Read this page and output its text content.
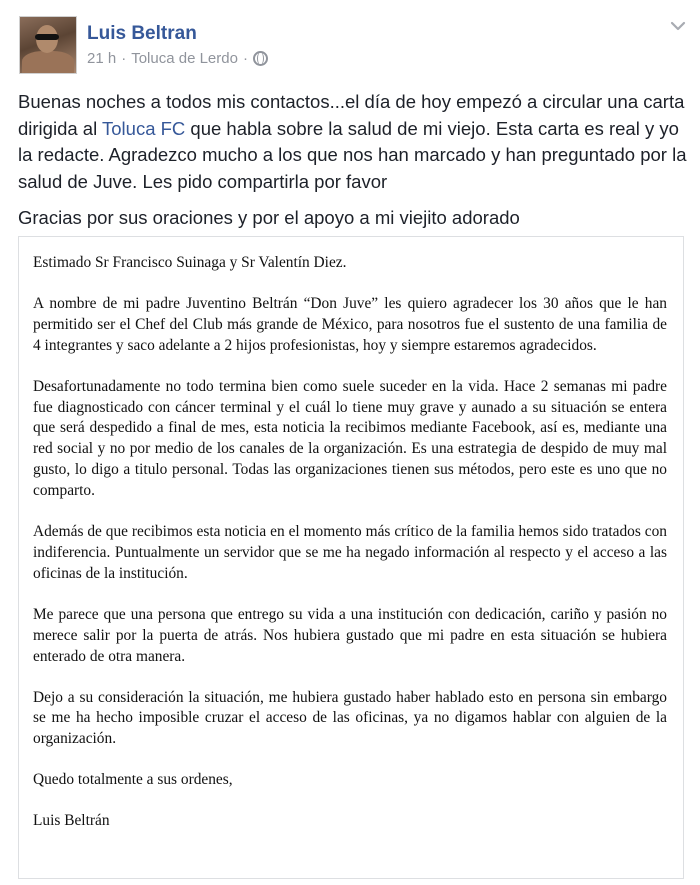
Luis Beltran
21 h · Toluca de Lerdo ·

Buenas noches a todos mis contactos...el día de hoy empezó a circular una carta dirigida al Toluca FC que habla sobre la salud de mi viejo. Esta carta es real y yo la redacte. Agradezco mucho a los que nos han marcado y han preguntado por la salud de Juve. Les pido compartirla por favor

Gracias por sus oraciones y por el apoyo a mi viejito adorado

Estimado Sr Francisco Suinaga y Sr Valentín Diez.

A nombre de mi padre Juventino Beltrán “Don Juve” les quiero agradecer los 30 años que le han permitido ser el Chef del Club más grande de México, para nosotros fue el sustento de una familia de 4 integrantes y saco adelante a 2 hijos profesionistas, hoy y siempre estaremos agradecidos.

Desafortunadamente no todo termina bien como suele suceder en la vida. Hace 2 semanas mi padre fue diagnosticado con cáncer terminal y el cuál lo tiene muy grave y aunado a su situación se entera que será despedido a final de mes, esta noticia la recibimos mediante Facebook, así es, mediante una red social y no por medio de los canales de la organización. Es una estrategia de despido de muy mal gusto, lo digo a titulo personal. Todas las organizaciones tienen sus métodos, pero este es uno que no comparto.

Además de que recibimos esta noticia en el momento más crítico de la familia hemos sido tratados con indiferencia. Puntualmente un servidor que se me ha negado información al respecto y el acceso a las oficinas de la institución.

Me parece que una persona que entrego su vida a una institución con dedicación, cariño y pasión no merece salir por la puerta de atrás. Nos hubiera gustado que mi padre en esta situación se hubiera enterado de otra manera.

Dejo a su consideración la situación, me hubiera gustado haber hablado esto en persona sin embargo se me ha hecho imposible cruzar el acceso de las oficinas, ya no digamos hablar con alguien de la organización.

Quedo totalmente a sus ordenes,

Luis Beltrán
